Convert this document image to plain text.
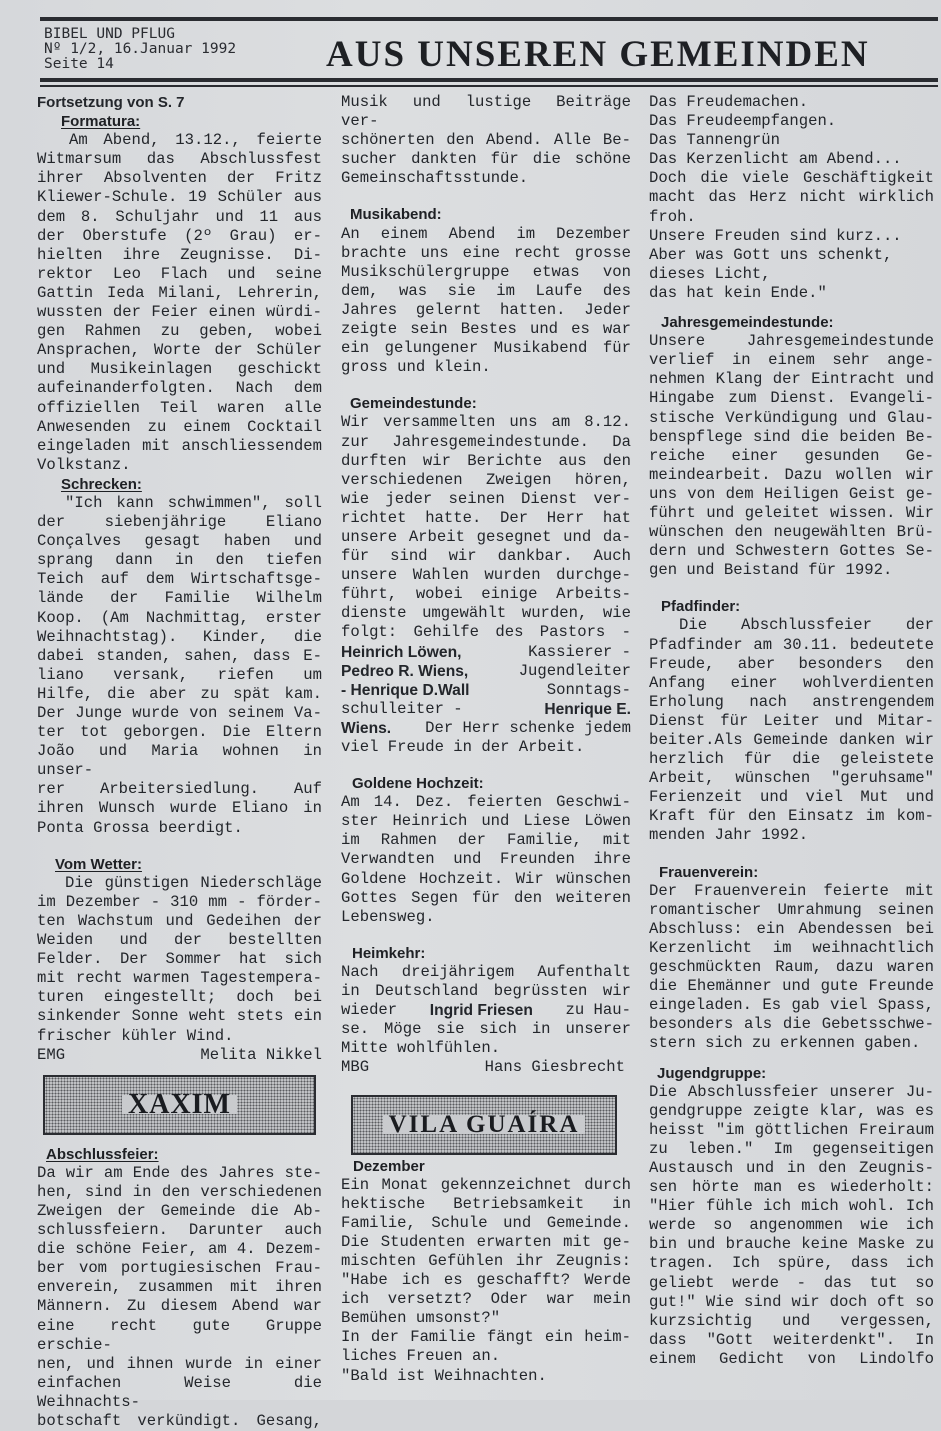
BIBEL UND PFLUG
Nº 1/2, 16.Januar 1992
Seite 14	AUS UNSEREN GEMEINDEN
Fortsetzung von S. 7
Formatura:
Am Abend, 13.12., feierte
Witmarsum das Abschlussfest
ihrer Absolventen der Fritz
Kliewer-Schule. 19 Schüler aus
dem 8. Schuljahr und 11 aus
der Oberstufe (2º Grau) er-
hielten ihre Zeugnisse. Di-
rektor Leo Flach und seine
Gattin Ieda Milani, Lehrerin,
wussten der Feier einen würdi-
gen Rahmen zu geben, wobei
Ansprachen, Worte der Schüler
und Musikeinlagen geschickt
aufeinanderfolgten. Nach dem
offiziellen Teil waren alle
Anwesenden zu einem Cocktail
eingeladen mit anschliessendem
Volkstanz.
Schrecken:
"Ich kann schwimmen", soll
der siebenjährige Eliano
Conçalves gesagt haben und
sprang dann in den tiefen
Teich auf dem Wirtschaftsge-
lände der Familie Wilhelm
Koop. (Am Nachmittag, erster
Weihnachtstag). Kinder, die
dabei standen, sahen, dass E-
liano versank, riefen um
Hilfe, die aber zu spät kam.
Der Junge wurde von seinem Va-
ter tot geborgen. Die Eltern
João und Maria wohnen in unser-
rer Arbeitersiedlung. Auf
ihren Wunsch wurde Eliano in
Ponta Grossa beerdigt.
Vom Wetter:
Die günstigen Niederschläge
im Dezember - 310 mm - förder-
ten Wachstum und Gedeihen der
Weiden und der bestellten
Felder. Der Sommer hat sich
mit recht warmen Tagestempera-
turen eingestellt; doch bei
sinkender Sonne weht stets ein
frischer kühler Wind.
EMG	Melita Nikkel
XAXIM
Abschlussfeier:
Da wir am Ende des Jahres ste-
hen, sind in den verschiedenen
Zweigen der Gemeinde die Ab-
schlussfeiern. Darunter auch
die schöne Feier, am 4. Dezem-
ber vom portugiesischen Frau-
enverein, zusammen mit ihren
Männern. Zu diesem Abend war
eine recht gute Gruppe erschie-
nen, und ihnen wurde in einer
einfachen Weise die Weihnachts-
botschaft verkündigt. Gesang,
Musik und lustige Beiträge ver-
schönerten den Abend. Alle Be-
sucher dankten für die schöne
Gemeinschaftsstunde.
Musikabend:
An einem Abend im Dezember
brachte uns eine recht grosse
Musikschülergruppe etwas von
dem, was sie im Laufe des
Jahres gelernt hatten. Jeder
zeigte sein Bestes und es war
ein gelungener Musikabend für
gross und klein.
Gemeindestunde:
Wir versammelten uns am 8.12.
zur Jahresgemeindestunde. Da
durften wir Berichte aus den
verschiedenen Zweigen hören,
wie jeder seinen Dienst ver-
richtet hatte. Der Herr hat
unsere Arbeit gesegnet und da-
für sind wir dankbar. Auch
unsere Wahlen wurden durchge-
führt, wobei einige Arbeits-
dienste umgewählt wurden, wie
folgt: Gehilfe des Pastors -
Heinrich Löwen,	Kassierer -
Pedreo R. Wiens,	Jugendleiter
- Henrique D.Wall	Sonntags-
schulleiter -	Henrique E.
Wiens. Der Herr schenke jedem
viel Freude in der Arbeit.
Goldene Hochzeit:
Am 14. Dez. feierten Geschwi-
ster Heinrich und Liese Löwen
im Rahmen der Familie, mit
Verwandten und Freunden ihre
Goldene Hochzeit. Wir wünschen
Gottes Segen für den weiteren
Lebensweg.
Heimkehr:
Nach dreijährigem Aufenthalt
in Deutschland begrüssten wir
wieder Ingrid Friesen zu Hau-
se. Möge sie sich in unserer
Mitte wohlfühlen.
MBG	Hans Giesbrecht
VILA GUAÍRA
Dezember
Ein Monat gekennzeichnet durch
hektische Betriebsamkeit in
Familie, Schule und Gemeinde.
Die Studenten erwarten mit ge-
mischten Gefühlen ihr Zeugnis:
"Habe ich es geschafft? Werde
ich versetzt? Oder war mein
Bemühen umsonst?"
In der Familie fängt ein heim-
liches Freuen an.
"Bald ist Weihnachten.
Das Freudemachen.
Das Freudeempfangen.
Das Tannengrün
Das Kerzenlicht am Abend...
Doch die viele Geschäftigkeit
macht das Herz nicht wirklich
froh.
Unsere Freuden sind kurz...
Aber was Gott uns schenkt,
dieses Licht,
das hat kein Ende."
Jahresgemeindestunde:
Unsere Jahresgemeindestunde
verlief in einem sehr ange-
nehmen Klang der Eintracht und
Hingabe zum Dienst. Evangeli-
stische Verkündigung und Glau-
benspflege sind die beiden Be-
reiche einer gesunden Ge-
meindearbeit. Dazu wollen wir
uns von dem Heiligen Geist ge-
führt und geleitet wissen. Wir
wünschen den neugewählten Brü-
dern und Schwestern Gottes Se-
gen und Beistand für 1992.
Pfadfinder:
Die Abschlussfeier der
Pfadfinder am 30.11. bedeutete
Freude, aber besonders den
Anfang einer wohlverdienten
Erholung nach anstrengendem
Dienst für Leiter und Mitar-
beiter.Als Gemeinde danken wir
herzlich für die geleistete
Arbeit, wünschen "geruhsame"
Ferienzeit und viel Mut und
Kraft für den Einsatz im kom-
menden Jahr 1992.
Frauenverein:
Der Frauenverein feierte mit
romantischer Umrahmung seinen
Abschluss: ein Abendessen bei
Kerzenlicht im weihnachtlich
geschmückten Raum, dazu waren
die Ehemänner und gute Freunde
eingeladen. Es gab viel Spass,
besonders als die Gebetsschwe-
stern sich zu erkennen gaben.
Jugendgruppe:
Die Abschlussfeier unserer Ju-
gendgruppe zeigte klar, was es
heisst "im göttlichen Freiraum
zu leben." Im gegenseitigen
Austausch und in den Zeugnis-
sen hörte man es wiederholt:
"Hier fühle ich mich wohl. Ich
werde so angenommen wie ich
bin und brauche keine Maske zu
tragen. Ich spüre, dass ich
geliebt werde - das tut so
gut!" Wie sind wir doch oft so
kurzsichtig und vergessen,
dass "Gott weiterdenkt". In
einem Gedicht von Lindolfo
